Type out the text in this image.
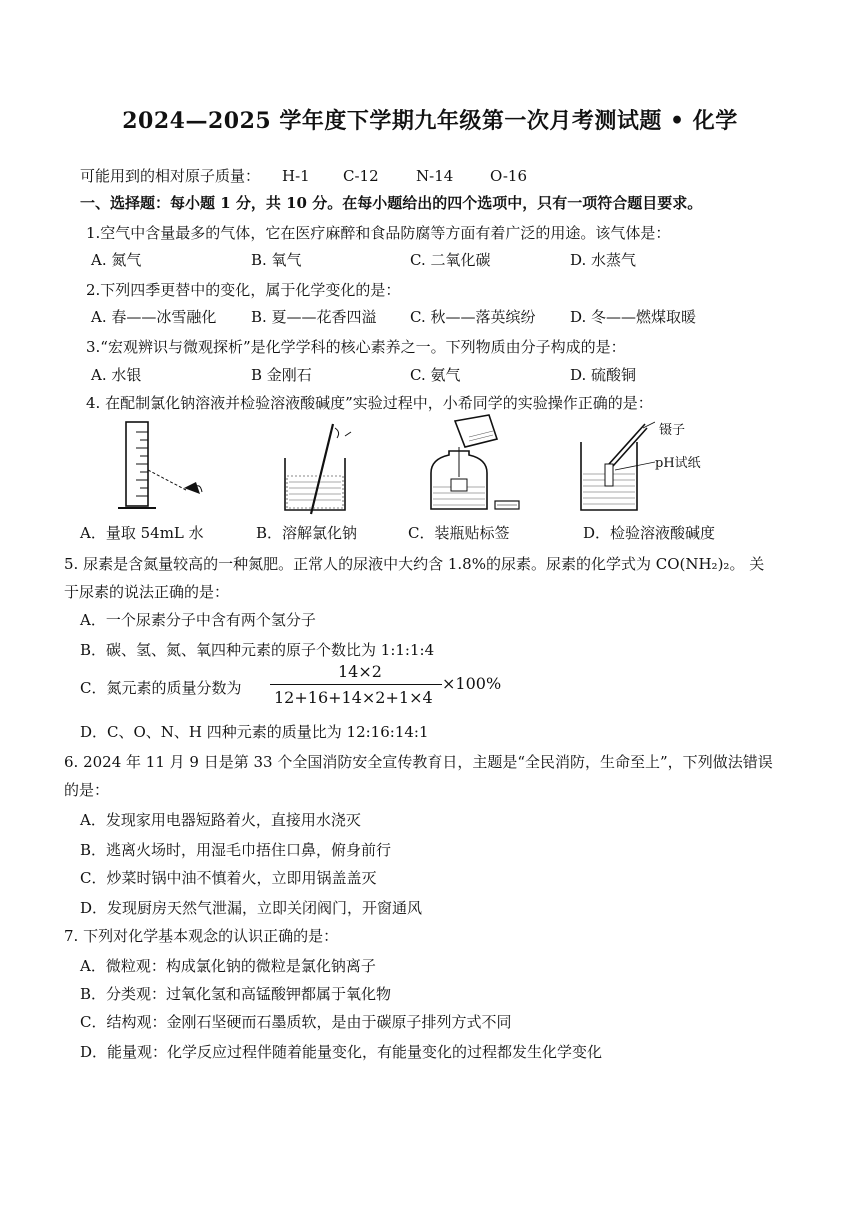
2024—2025 学年度下学期九年级第一次月考测试题 • 化学
可能用到的相对原子质量： H-1 C-12 N-14 O-16
一、选择题：每小题 1 分，共 10 分。在每小题给出的四个选项中，只有一项符合题目要求。
1.空气中含量最多的气体，它在医疗麻醉和食品防腐等方面有着广泛的用途。该气体是：
A. 氮气	B. 氧气	C. 二氧化碳	D. 水蒸气
2.下列四季更替中的变化，属于化学变化的是：
A. 春——冰雪融化 B. 夏——花香四溢 C. 秋——落英缤纷 D. 冬——燃煤取暖
3.“宏观辨识与微观探析”是化学学科的核心素养之一。下列物质由分子构成的是：
A. 水银	B 金刚石	C. 氨气	D. 硫酸铜
4. 在配制氯化钠溶液并检验溶液酸碱度”实验过程中，小希同学的实验操作正确的是：
镊子
pH试纸
A．量取 54mL 水	B．溶解氯化钠	C．装瓶贴标签	D．检验溶液酸碱度
5. 尿素是含氮量较高的一种氮肥。正常人的尿液中大约含 1.8%的尿素。尿素的化学式为 CO(NH₂)₂。 关
于尿素的说法正确的是：
A．一个尿素分子中含有两个氢分子
B．碳、氢、氮、氧四种元素的原子个数比为 1:1:1:4
C．氮元素的质量分数为
14×2
12+16+14×2+1×4
×100%
D．C、O、N、H 四种元素的质量比为 12:16:14:1
6. 2024 年 11 月 9 日是第 33 个全国消防安全宣传教育日，主题是“全民消防，生命至上”，下列做法错误
的是：
A．发现家用电器短路着火，直接用水浇灭
B．逃离火场时，用湿毛巾捂住口鼻，俯身前行
C．炒菜时锅中油不慎着火，立即用锅盖盖灭
D．发现厨房天然气泄漏，立即关闭阀门，开窗通风
7. 下列对化学基本观念的认识正确的是：
A．微粒观：构成氯化钠的微粒是氯化钠离子
B．分类观：过氧化氢和高锰酸钾都属于氧化物
C．结构观：金刚石坚硬而石墨质软，是由于碳原子排列方式不同
D．能量观：化学反应过程伴随着能量变化，有能量变化的过程都发生化学变化
